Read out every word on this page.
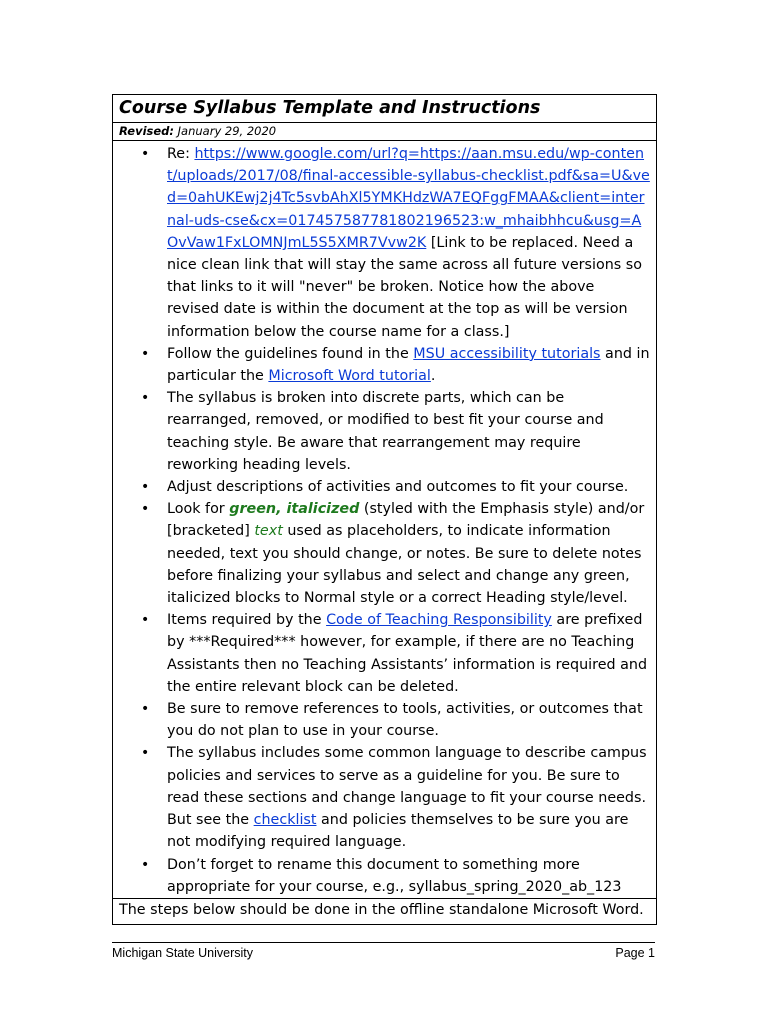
Course Syllabus Template and Instructions
Revised: January 29, 2020
• Re: https://www.google.com/url?q=https://aan.msu.edu/wp-content/uploads/2017/08/final-accessible-syllabus-checklist.pdf&sa=U&ved=0ahUKEwj2j4Tc5svbAhXl5YMKHdzWA7EQFggFMAA&client=internal-uds-cse&cx=017457587781802196523:w_mhaibhhcu&usg=AOvVaw1FxLOMNJmL5S5XMR7Vvw2K [Link to be replaced. Need a nice clean link that will stay the same across all future versions so that links to it will "never" be broken. Notice how the above revised date is within the document at the top as will be version information below the course name for a class.]
• Follow the guidelines found in the MSU accessibility tutorials and in particular the Microsoft Word tutorial.
• The syllabus is broken into discrete parts, which can be rearranged, removed, or modified to best fit your course and teaching style. Be aware that rearrangement may require reworking heading levels.
• Adjust descriptions of activities and outcomes to fit your course.
• Look for green, italicized (styled with the Emphasis style) and/or [bracketed] text used as placeholders, to indicate information needed, text you should change, or notes. Be sure to delete notes before finalizing your syllabus and select and change any green, italicized blocks to Normal style or a correct Heading style/level.
• Items required by the Code of Teaching Responsibility are prefixed by ***Required*** however, for example, if there are no Teaching Assistants then no Teaching Assistants’ information is required and the entire relevant block can be deleted.
• Be sure to remove references to tools, activities, or outcomes that you do not plan to use in your course.
• The syllabus includes some common language to describe campus policies and services to serve as a guideline for you. Be sure to read these sections and change language to fit your course needs. But see the checklist and policies themselves to be sure you are not modifying required language.
• Don’t forget to rename this document to something more appropriate for your course, e.g., syllabus_spring_2020_ab_123
The steps below should be done in the offline standalone Microsoft Word.
Michigan State University	Page 1
